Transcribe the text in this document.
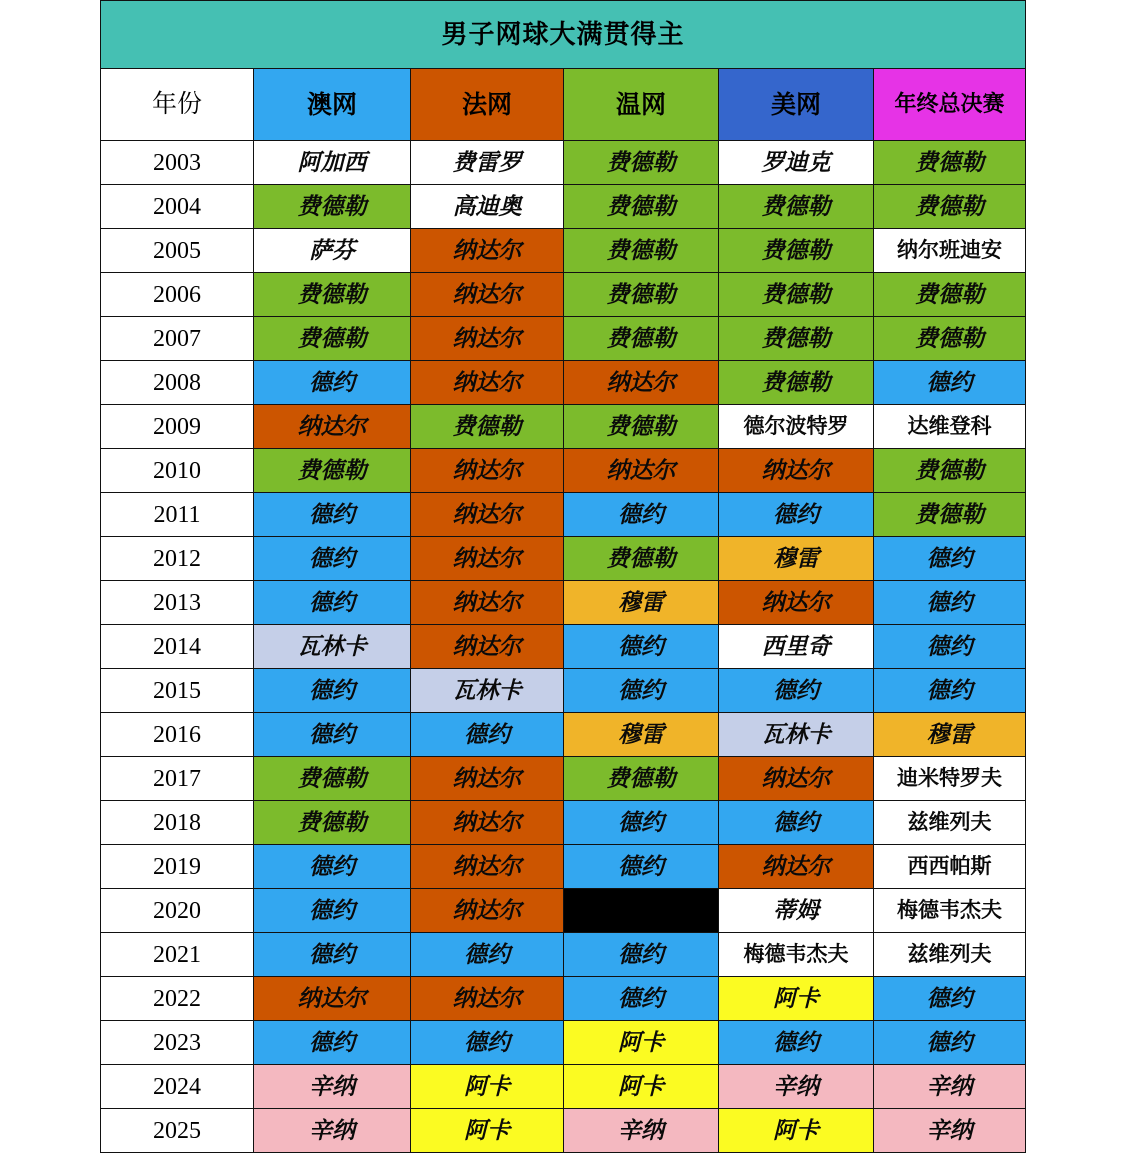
男子网球大满贯得主					
年份	澳网	法网	温网	美网	年终总决赛
2003	阿加西	费雷罗	费德勒	罗迪克	费德勒
2004	费德勒	高迪奥	费德勒	费德勒	费德勒
2005	萨芬	纳达尔	费德勒	费德勒	纳尔班迪安
2006	费德勒	纳达尔	费德勒	费德勒	费德勒
2007	费德勒	纳达尔	费德勒	费德勒	费德勒
2008	德约	纳达尔	纳达尔	费德勒	德约
2009	纳达尔	费德勒	费德勒	德尔波特罗	达维登科
2010	费德勒	纳达尔	纳达尔	纳达尔	费德勒
2011	德约	纳达尔	德约	德约	费德勒
2012	德约	纳达尔	费德勒	穆雷	德约
2013	德约	纳达尔	穆雷	纳达尔	德约
2014	瓦林卡	纳达尔	德约	西里奇	德约
2015	德约	瓦林卡	德约	德约	德约
2016	德约	德约	穆雷	瓦林卡	穆雷
2017	费德勒	纳达尔	费德勒	纳达尔	迪米特罗夫
2018	费德勒	纳达尔	德约	德约	兹维列夫
2019	德约	纳达尔	德约	纳达尔	西西帕斯
2020	德约	纳达尔		蒂姆	梅德韦杰夫
2021	德约	德约	德约	梅德韦杰夫	兹维列夫
2022	纳达尔	纳达尔	德约	阿卡	德约
2023	德约	德约	阿卡	德约	德约
2024	辛纳	阿卡	阿卡	辛纳	辛纳
2025	辛纳	阿卡	辛纳	阿卡	辛纳
